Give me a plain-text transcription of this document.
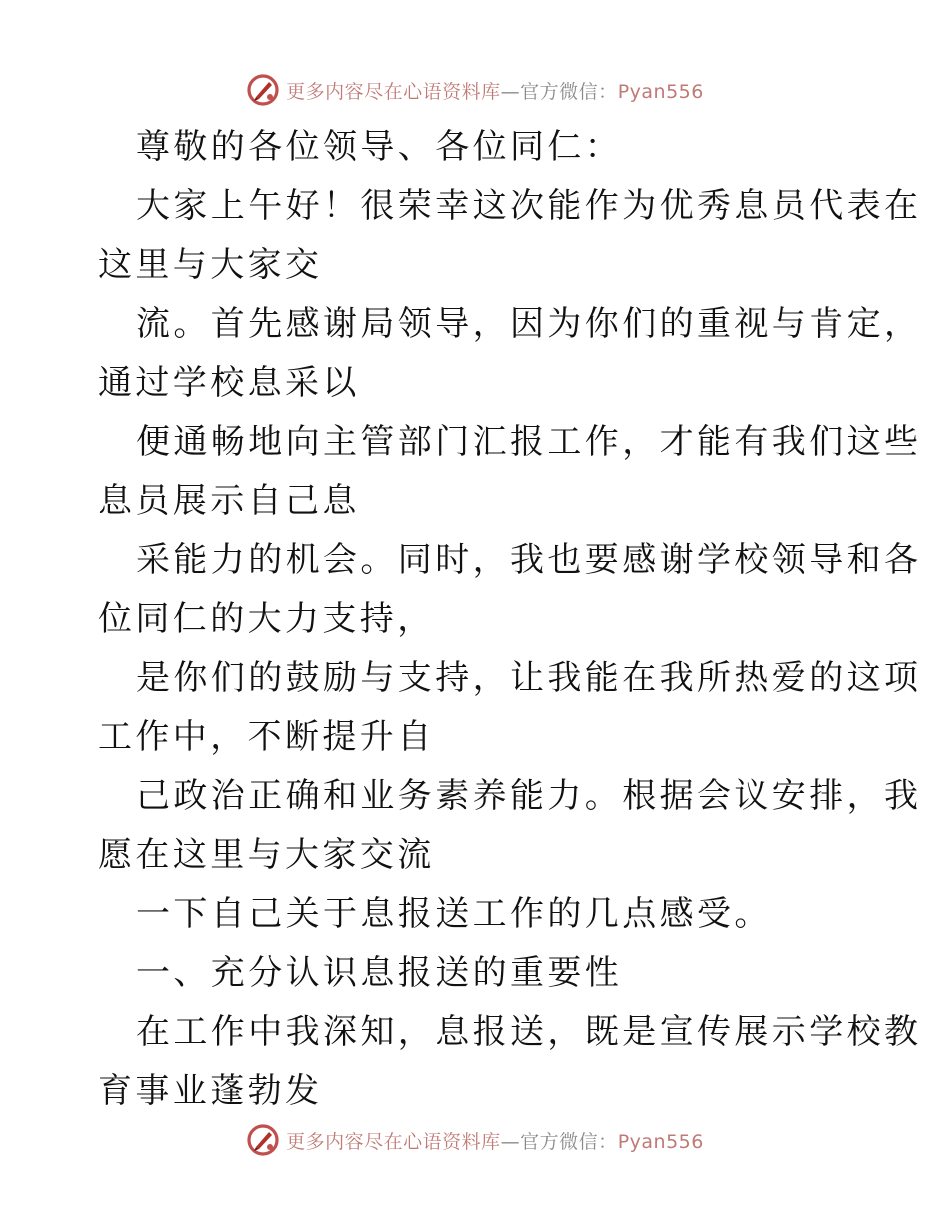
更多内容尽在心语资料库—官方微信：Pyan556
尊敬的各位领导、各位同仁：
大家上午好！很荣幸这次能作为优秀息员代表在
这里与大家交
流。首先感谢局领导，因为你们的重视与肯定，
通过学校息采以
便通畅地向主管部门汇报工作，才能有我们这些
息员展示自己息
采能力的机会。同时，我也要感谢学校领导和各
位同仁的大力支持，
是你们的鼓励与支持，让我能在我所热爱的这项
工作中，不断提升自
己政治正确和业务素养能力。根据会议安排，我
愿在这里与大家交流
一下自己关于息报送工作的几点感受。
一、充分认识息报送的重要性
在工作中我深知，息报送，既是宣传展示学校教
育事业蓬勃发
更多内容尽在心语资料库—官方微信：Pyan556
